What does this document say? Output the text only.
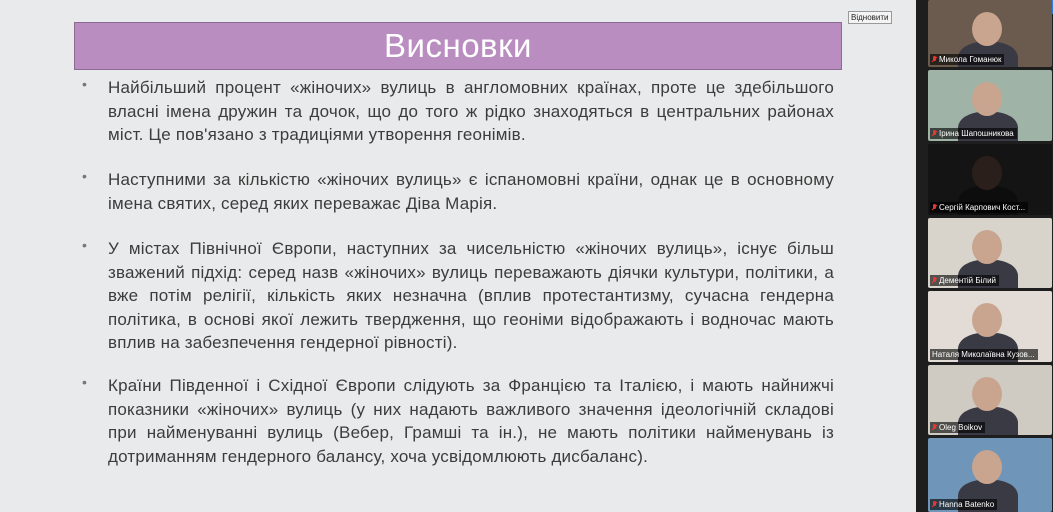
Висновки
• Найбільший процент «жіночих» вулиць в англомовних країнах, проте це здебільшого власні імена дружин та дочок, що до того ж рідко знаходяться в центральних районах міст. Це пов'язано з традиціями утворення геонімів.
• Наступними за кількістю «жіночих вулиць» є іспаномовні країни, однак це в основному імена святих, серед яких переважає Діва Марія.
• У містах Північної Європи, наступних за чисельністю «жіночих вулиць», існує більш зважений підхід: серед назв «жіночих» вулиць переважають діячки культури, політики, а вже потім релігії, кількість яких незначна (вплив протестантизму, сучасна гендерна політика, в основі якої лежить твердження, що геоніми відображають і водночас мають вплив на забезпечення гендерної рівності).
• Країни Південної і Східної Європи слідують за Францією та Італією, і мають найнижчі показники «жіночих» вулиць (у них надають важливого значення ідеологічній складові при найменуванні вулиць (Вебер, Грамші та ін.), не мають політики найменувань із дотриманням гендерного балансу, хоча усвідомлюють дисбаланс).
Відновити
Микола Гоманюк
Ірина Шапошникова
Сергій Карпович Кост...
Дементій Білий
Наталя Миколаївна Кузов...
Oleg Boikov
Hanna Batenko
